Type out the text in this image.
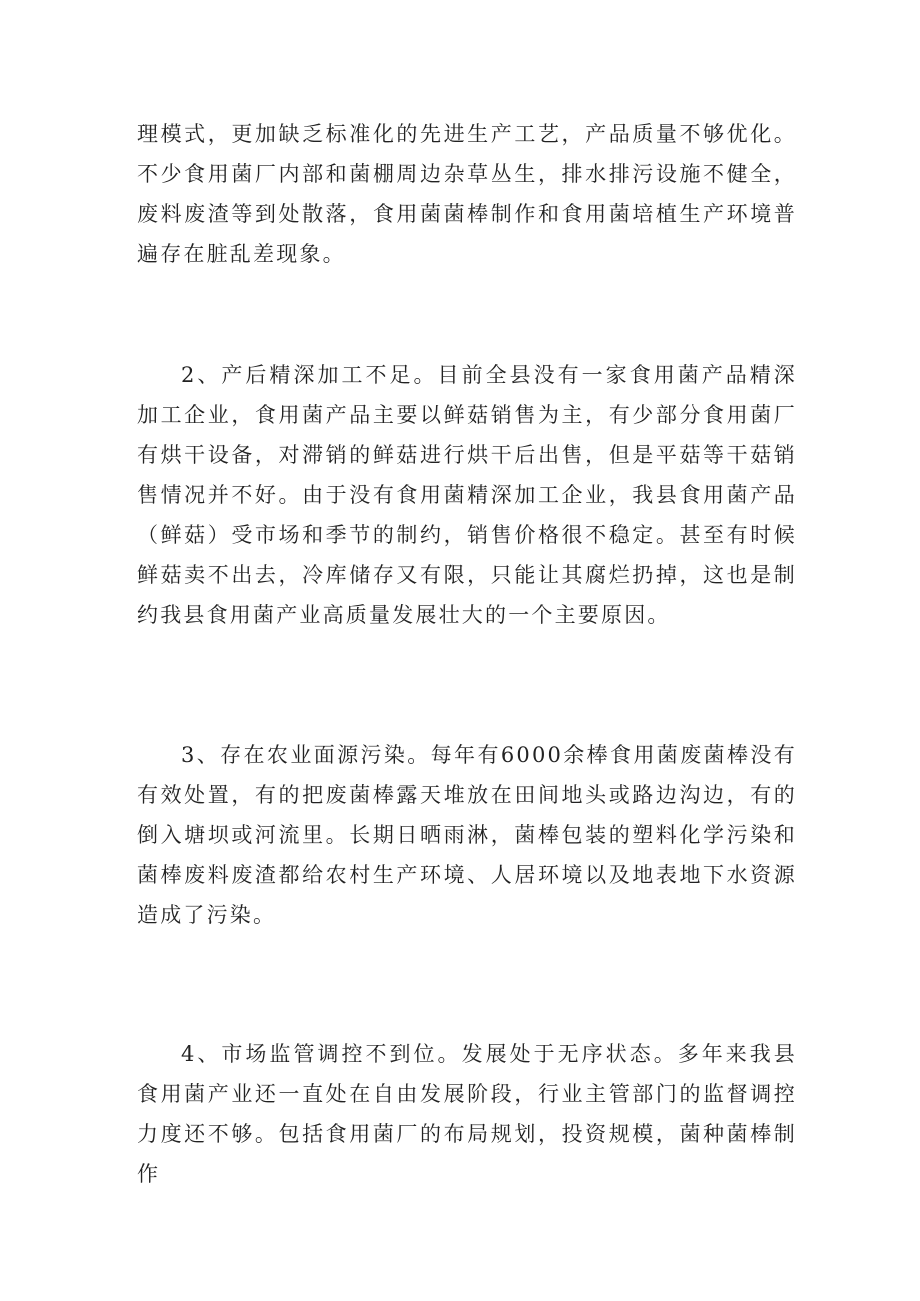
理模式，更加缺乏标准化的先进生产工艺，产品质量不够优化。不少食用菌厂内部和菌棚周边杂草丛生，排水排污设施不健全，废料废渣等到处散落，食用菌菌棒制作和食用菌培植生产环境普遍存在脏乱差现象。

2、产后精深加工不足。目前全县没有一家食用菌产品精深加工企业，食用菌产品主要以鲜菇销售为主，有少部分食用菌厂有烘干设备，对滞销的鲜菇进行烘干后出售，但是平菇等干菇销售情况并不好。由于没有食用菌精深加工企业，我县食用菌产品（鲜菇）受市场和季节的制约，销售价格很不稳定。甚至有时候鲜菇卖不出去，冷库储存又有限，只能让其腐烂扔掉，这也是制约我县食用菌产业高质量发展壮大的一个主要原因。

3、存在农业面源污染。每年有6000余棒食用菌废菌棒没有有效处置，有的把废菌棒露天堆放在田间地头或路边沟边，有的倒入塘坝或河流里。长期日晒雨淋，菌棒包装的塑料化学污染和菌棒废料废渣都给农村生产环境、人居环境以及地表地下水资源造成了污染。

4、市场监管调控不到位。发展处于无序状态。多年来我县食用菌产业还一直处在自由发展阶段，行业主管部门的监督调控力度还不够。包括食用菌厂的布局规划，投资规模，菌种菌棒制作
